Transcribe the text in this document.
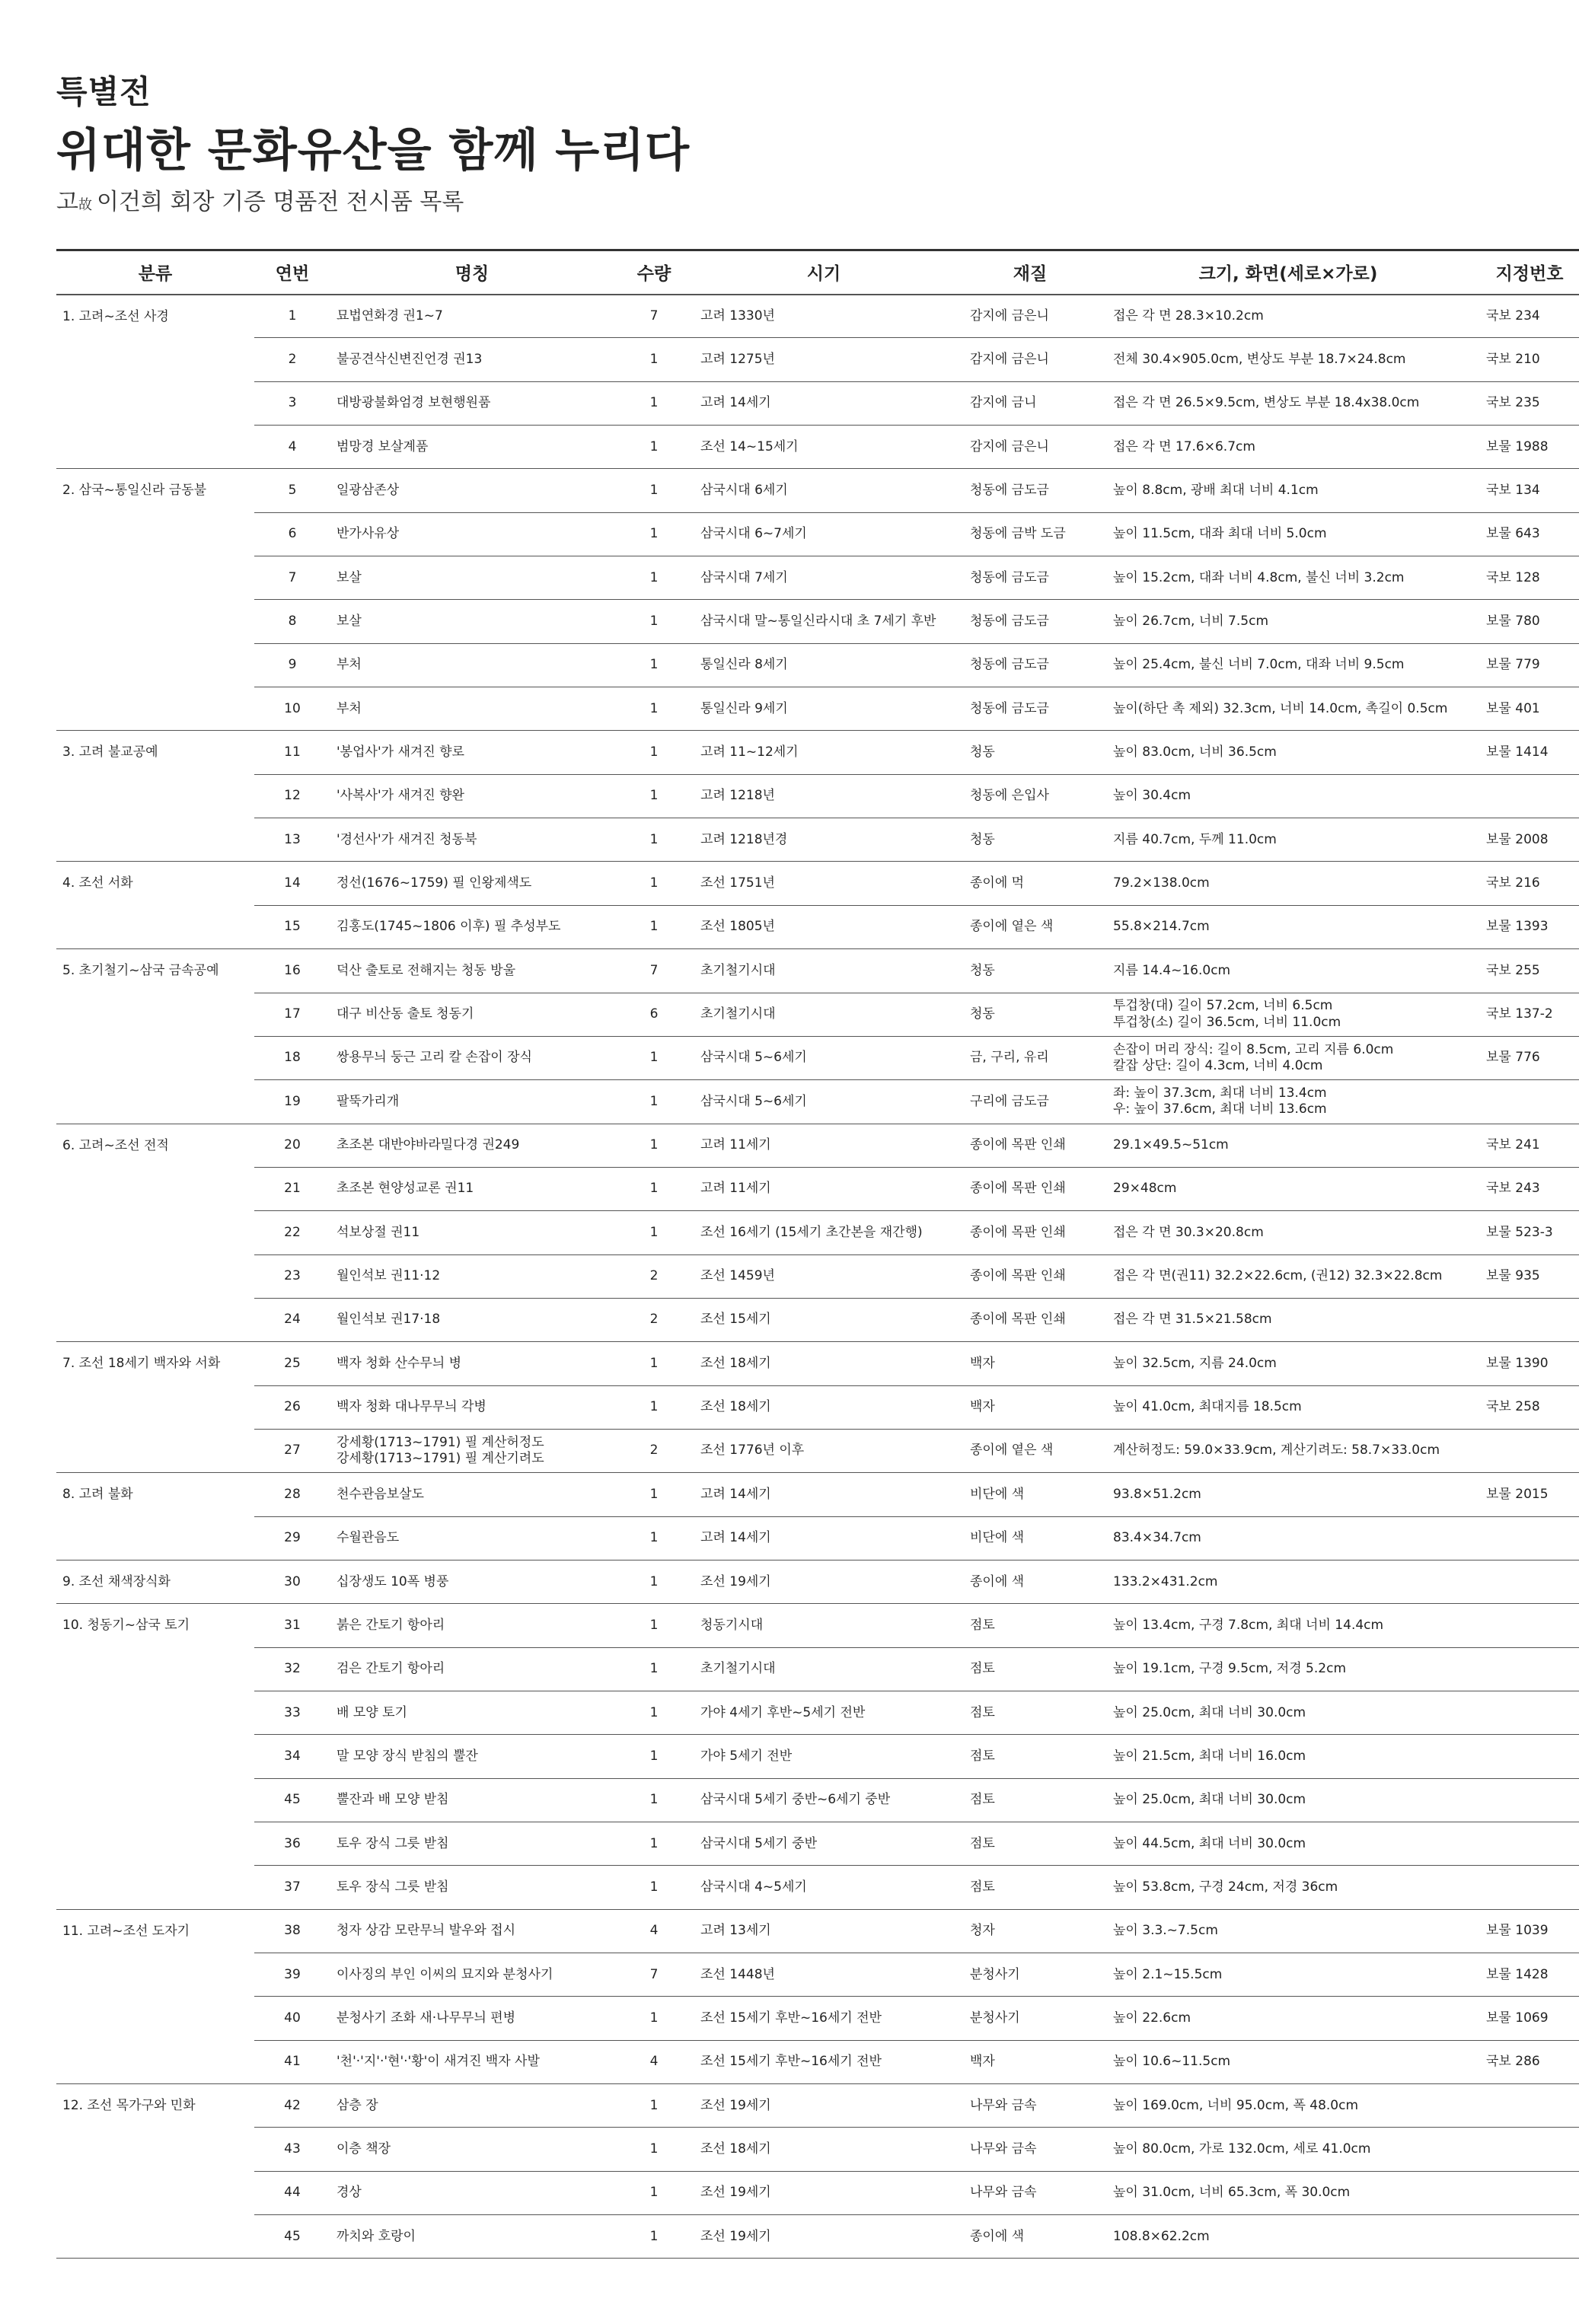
특별전
위대한 문화유산을 함께 누리다
고故 이건희 회장 기증 명품전 전시품 목록
분류		연번		명칭		수량		시기		재질		크기, 화면(세로×가로)		지정번호
1. 고려~조선 사경		1		묘법연화경 권1~7		7		고려 1330년		감지에 금은니		접은 각 면 28.3×10.2cm		국보 234
		2		불공견삭신변진언경 권13		1		고려 1275년		감지에 금은니		전체 30.4×905.0cm, 변상도 부분 18.7×24.8cm		국보 210
		3		대방광불화엄경 보현행원품		1		고려 14세기		감지에 금니		접은 각 면 26.5×9.5cm, 변상도 부분 18.4x38.0cm		국보 235
		4		범망경 보살계품		1		조선 14~15세기		감지에 금은니		접은 각 면 17.6×6.7cm		보물 1988
2. 삼국~통일신라 금동불		5		일광삼존상		1		삼국시대 6세기		청동에 금도금		높이 8.8cm, 광배 최대 너비 4.1cm		국보 134
		6		반가사유상		1		삼국시대 6~7세기		청동에 금박 도금		높이 11.5cm, 대좌 최대 너비 5.0cm		보물 643
		7		보살		1		삼국시대 7세기		청동에 금도금		높이 15.2cm, 대좌 너비 4.8cm, 불신 너비 3.2cm		국보 128
		8		보살		1		삼국시대 말~통일신라시대 초 7세기 후반		청동에 금도금		높이 26.7cm, 너비 7.5cm		보물 780
		9		부처		1		통일신라 8세기		청동에 금도금		높이 25.4cm, 불신 너비 7.0cm, 대좌 너비 9.5cm		보물 779
		10		부처		1		통일신라 9세기		청동에 금도금		높이(하단 촉 제외) 32.3cm, 너비 14.0cm, 촉길이 0.5cm		보물 401
3. 고려 불교공예		11		'봉업사'가 새겨진 향로		1		고려 11~12세기		청동		높이 83.0cm, 너비 36.5cm		보물 1414
		12		'사복사'가 새겨진 향완		1		고려 1218년		청동에 은입사		높이 30.4cm		
		13		'경선사'가 새겨진 청동북		1		고려 1218년경		청동		지름 40.7cm, 두께 11.0cm		보물 2008
4. 조선 서화		14		정선(1676~1759) 필 인왕제색도		1		조선 1751년		종이에 먹		79.2×138.0cm		국보 216
		15		김홍도(1745~1806 이후) 필 추성부도		1		조선 1805년		종이에 옅은 색		55.8×214.7cm		보물 1393
5. 초기철기~삼국 금속공예		16		덕산 출토로 전해지는 청동 방울		7		초기철기시대		청동		지름 14.4~16.0cm		국보 255
		17		대구 비산동 출토 청동기		6		초기철기시대		청동		투겁창(대) 길이 57.2cm, 너비 6.5cm
투겁창(소) 길이 36.5cm, 너비 11.0cm		국보 137-2
		18		쌍용무늬 둥근 고리 칼 손잡이 장식		1		삼국시대 5~6세기		금, 구리, 유리		손잡이 머리 장식: 길이 8.5cm, 고리 지름 6.0cm
칼잡 상단: 길이 4.3cm, 너비 4.0cm		보물 776
		19		팔뚝가리개		1		삼국시대 5~6세기		구리에 금도금		좌: 높이 37.3cm, 최대 너비 13.4cm
우: 높이 37.6cm, 최대 너비 13.6cm		

6. 고려~조선 전적		20		초조본 대반야바라밀다경 권249		1		고려 11세기		종이에 목판 인쇄		29.1×49.5~51cm		국보 241
		21		초조본 현양성교론 권11		1		고려 11세기		종이에 목판 인쇄		29×48cm		국보 243
		22		석보상절 권11		1		조선 16세기 (15세기 초간본을 재간행)		종이에 목판 인쇄		접은 각 면 30.3×20.8cm		보물 523-3
		23		월인석보 권11·12		2		조선 1459년		종이에 목판 인쇄		접은 각 면(권11) 32.2×22.6cm, (권12) 32.3×22.8cm		보물 935
		24		월인석보 권17·18		2		조선 15세기		종이에 목판 인쇄		접은 각 면 31.5×21.58cm		
7. 조선 18세기 백자와 서화		25		백자 청화 산수무늬 병		1		조선 18세기		백자		높이 32.5cm, 지름 24.0cm		보물 1390
		26		백자 청화 대나무무늬 각병		1		조선 18세기		백자		높이 41.0cm, 최대지름 18.5cm		국보 258
		27		강세황(1713~1791) 필 계산허정도
강세황(1713~1791) 필 계산기려도		2		조선 1776년 이후		종이에 옅은 색		계산허정도: 59.0×33.9cm, 계산기려도: 58.7×33.0cm		
8. 고려 불화		28		천수관음보살도		1		고려 14세기		비단에 색		93.8×51.2cm		보물 2015
		29		수월관음도		1		고려 14세기		비단에 색		83.4×34.7cm		
9. 조선 채색장식화		30		십장생도 10폭 병풍		1		조선 19세기		종이에 색		133.2×431.2cm		
10. 청동기~삼국 토기		31		붉은 간토기 항아리		1		청동기시대		점토		높이 13.4cm, 구경 7.8cm, 최대 너비 14.4cm		
		32		검은 간토기 항아리		1		초기철기시대		점토		높이 19.1cm, 구경 9.5cm, 저경 5.2cm		
		33		배 모양 토기		1		가야 4세기 후반~5세기 전반		점토		높이 25.0cm, 최대 너비 30.0cm		
		34		말 모양 장식 받침의 뿔잔		1		가야 5세기 전반		점토		높이 21.5cm, 최대 너비 16.0cm		
		45		뿔잔과 배 모양 받침		1		삼국시대 5세기 중반~6세기 중반		점토		높이 25.0cm, 최대 너비 30.0cm		
		36		토우 장식 그릇 받침		1		삼국시대 5세기 중반		점토		높이 44.5cm, 최대 너비 30.0cm		
		37		토우 장식 그릇 받침		1		삼국시대 4~5세기		점토		높이 53.8cm, 구경 24cm, 저경 36cm		
11. 고려~조선 도자기		38		청자 상감 모란무늬 발우와 접시		4		고려 13세기		청자		높이 3.3.~7.5cm		보물 1039
		39		이사징의 부인 이씨의 묘지와 분청사기		7		조선 1448년		분청사기		높이 2.1~15.5cm		보물 1428
		40		분청사기 조화 새·나무무늬 편병		1		조선 15세기 후반~16세기 전반		분청사기		높이 22.6cm		보물 1069
		41		'천'·'지'·'현'·'황'이 새겨진 백자 사발		4		조선 15세기 후반~16세기 전반		백자		높이 10.6~11.5cm		국보 286
12. 조선 목가구와 민화		42		삼층 장		1		조선 19세기		나무와 금속		높이 169.0cm, 너비 95.0cm, 폭 48.0cm		
		43		이층 책장		1		조선 18세기		나무와 금속		높이 80.0cm, 가로 132.0cm, 세로 41.0cm		
		44		경상		1		조선 19세기		나무와 금속		높이 31.0cm, 너비 65.3cm, 폭 30.0cm		
		45		까치와 호랑이		1		조선 19세기		종이에 색		108.8×62.2cm		
